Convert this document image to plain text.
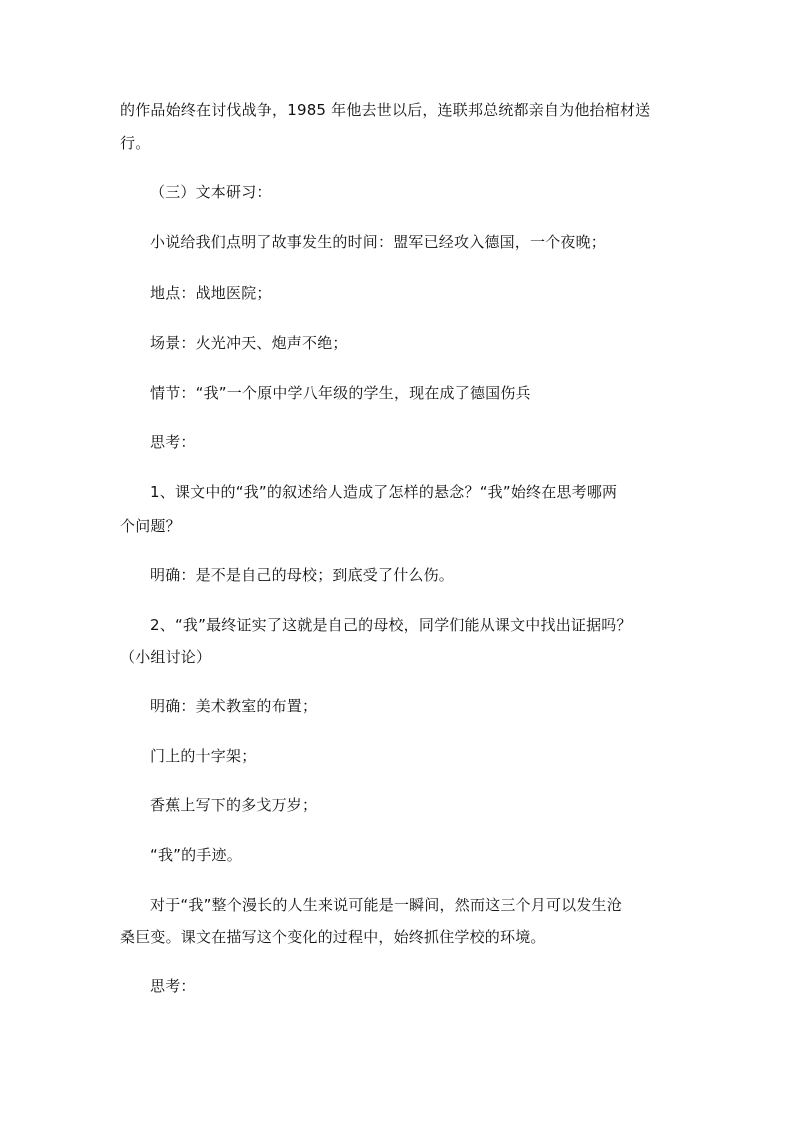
的作品始终在讨伐战争，1985 年他去世以后，连联邦总统都亲自为他抬棺材送
行。
（三）文本研习：
小说给我们点明了故事发生的时间：盟军已经攻入德国，一个夜晚；
地点：战地医院；
场景：火光冲天、炮声不绝；
情节：“我”一个原中学八年级的学生，现在成了德国伤兵
思考：
1、课文中的“我”的叙述给人造成了怎样的悬念？“我”始终在思考哪两
个问题？
明确：是不是自己的母校；到底受了什么伤。
2、“我”最终证实了这就是自己的母校，同学们能从课文中找出证据吗？
（小组讨论）
明确：美术教室的布置；
门上的十字架；
香蕉上写下的多戈万岁；
“我”的手迹。
对于“我”整个漫长的人生来说可能是一瞬间，然而这三个月可以发生沧
桑巨变。课文在描写这个变化的过程中，始终抓住学校的环境。
思考：
